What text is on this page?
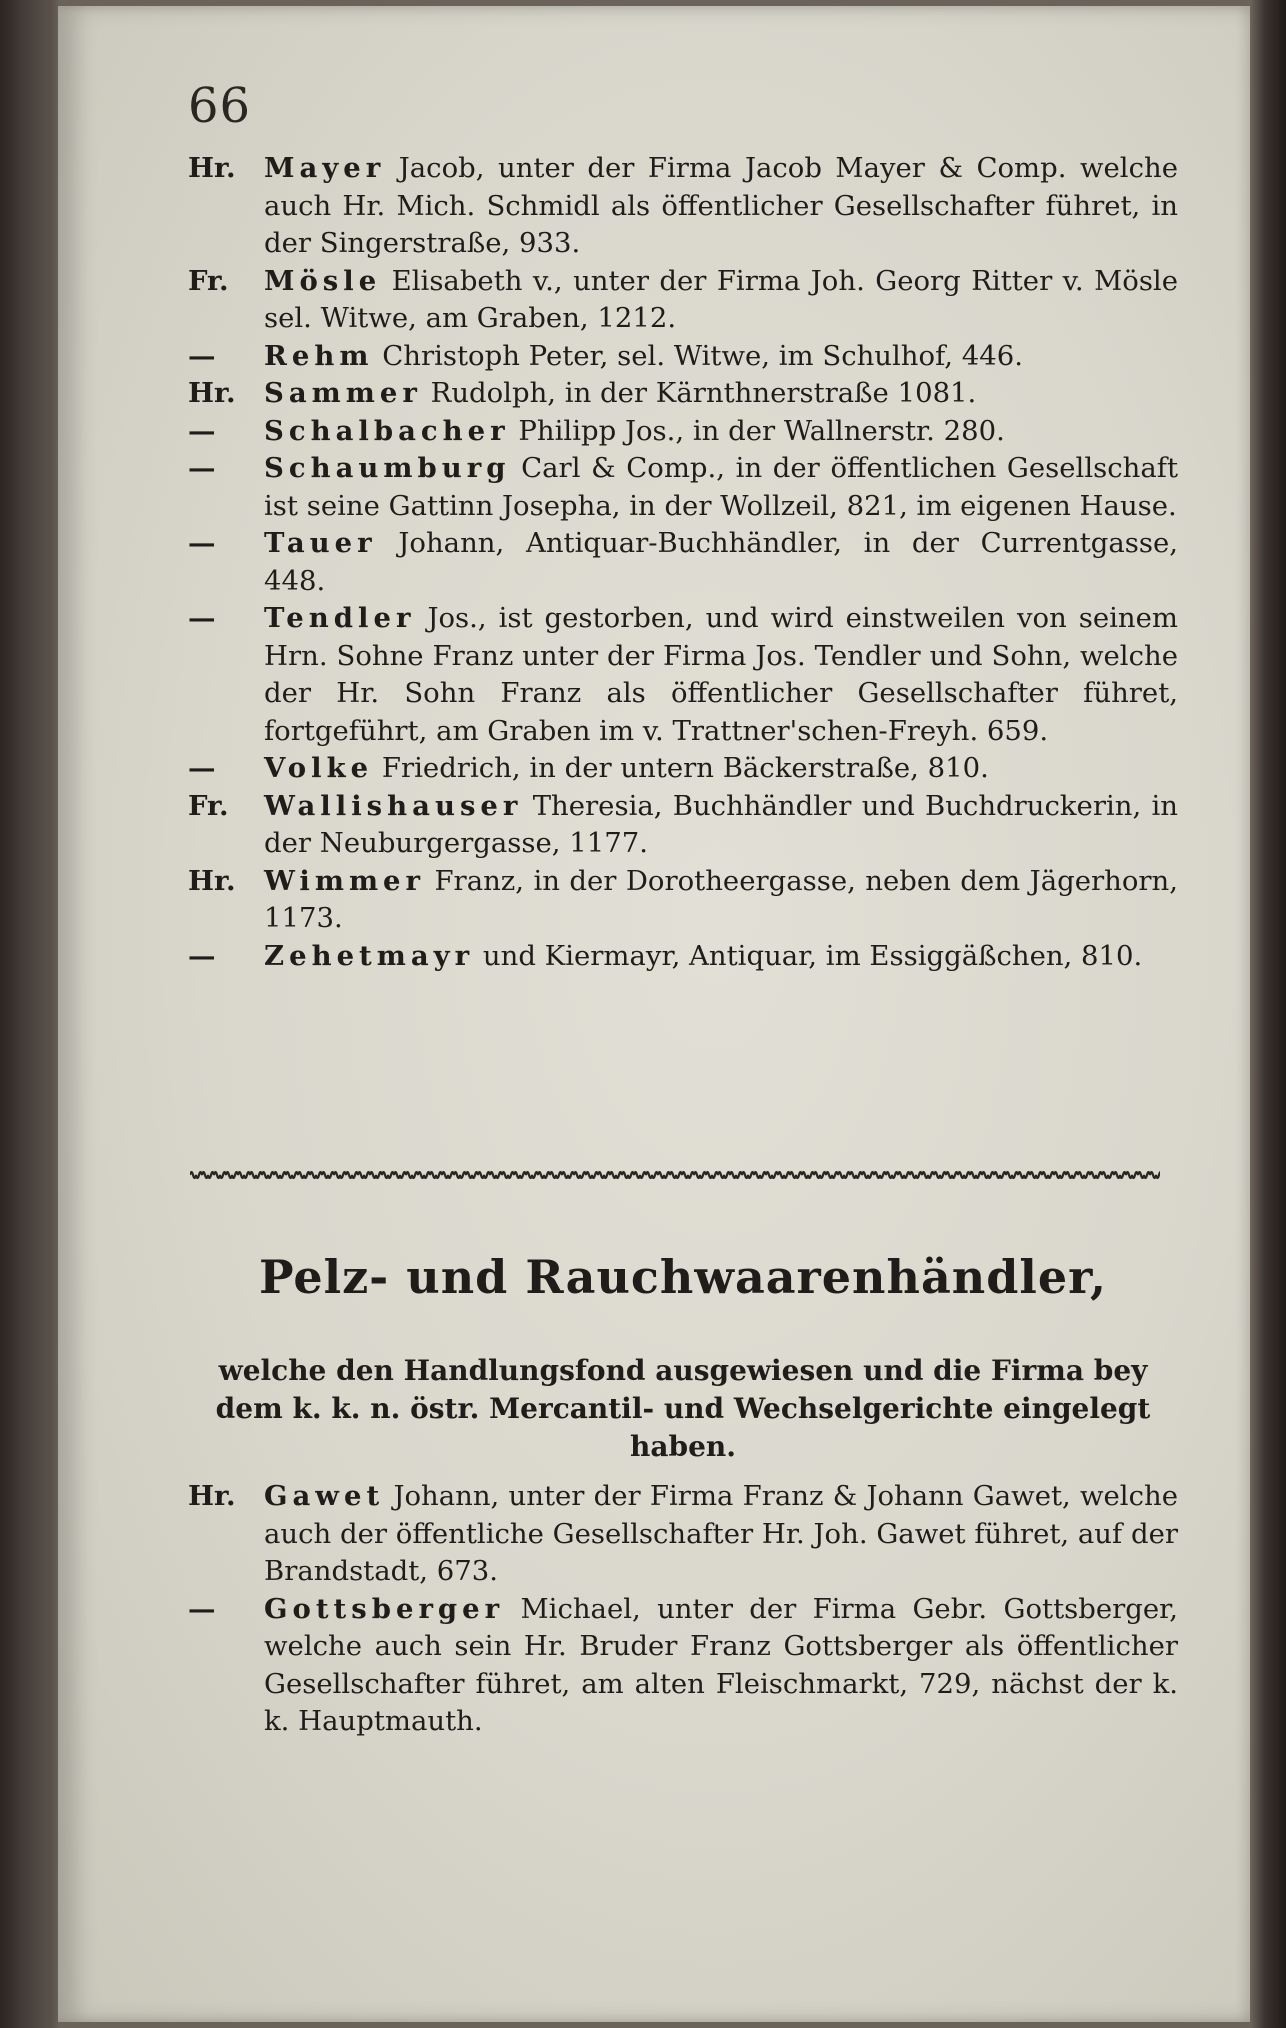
66
Hr.	Mayer Jacob, unter der Firma Jacob Mayer & Comp. welche auch Hr. Mich. Schmidl als öffentlicher Gesellschafter führet, in der Singerstraße, 933.
Fr.	Mösle Elisabeth v., unter der Firma Joh. Georg Ritter v. Mösle sel. Witwe, am Graben, 1212.
—	Rehm Christoph Peter, sel. Witwe, im Schulhof, 446.
Hr.	Sammer Rudolph, in der Kärnthnerstraße 1081.
—	Schalbacher Philipp Jos., in der Wallnerstr. 280.
—	Schaumburg Carl & Comp., in der öffentlichen Gesellschaft ist seine Gattinn Josepha, in der Wollzeil, 821, im eigenen Hause.
—	Tauer Johann, Antiquar-Buchhändler, in der Currentgasse, 448.
—	Tendler Jos., ist gestorben, und wird einstweilen von seinem Hrn. Sohne Franz unter der Firma Jos. Tendler und Sohn, welche der Hr. Sohn Franz als öffentlicher Gesellschafter führet, fortgeführt, am Graben im v. Trattner'schen-Freyh. 659.
—	Volke Friedrich, in der untern Bäckerstraße, 810.
Fr.	Wallishauser Theresia, Buchhändler und Buchdruckerin, in der Neuburgergasse, 1177.
Hr.	Wimmer Franz, in der Dorotheergasse, neben dem Jägerhorn, 1173.
—	Zehetmayr und Kiermayr, Antiquar, im Essiggäßchen, 810.
Pelz- und Rauchwaarenhändler,
welche den Handlungsfond ausgewiesen und die Firma bey dem k. k. n. östr. Mercantil- und Wechselgerichte eingelegt haben.
Hr.	Gawet Johann, unter der Firma Franz & Johann Gawet, welche auch der öffentliche Gesellschafter Hr. Joh. Gawet führet, auf der Brandstadt, 673.
—	Gottsberger Michael, unter der Firma Gebr. Gottsberger, welche auch sein Hr. Bruder Franz Gottsberger als öffentlicher Gesellschafter führet, am alten Fleischmarkt, 729, nächst der k. k. Hauptmauth.
